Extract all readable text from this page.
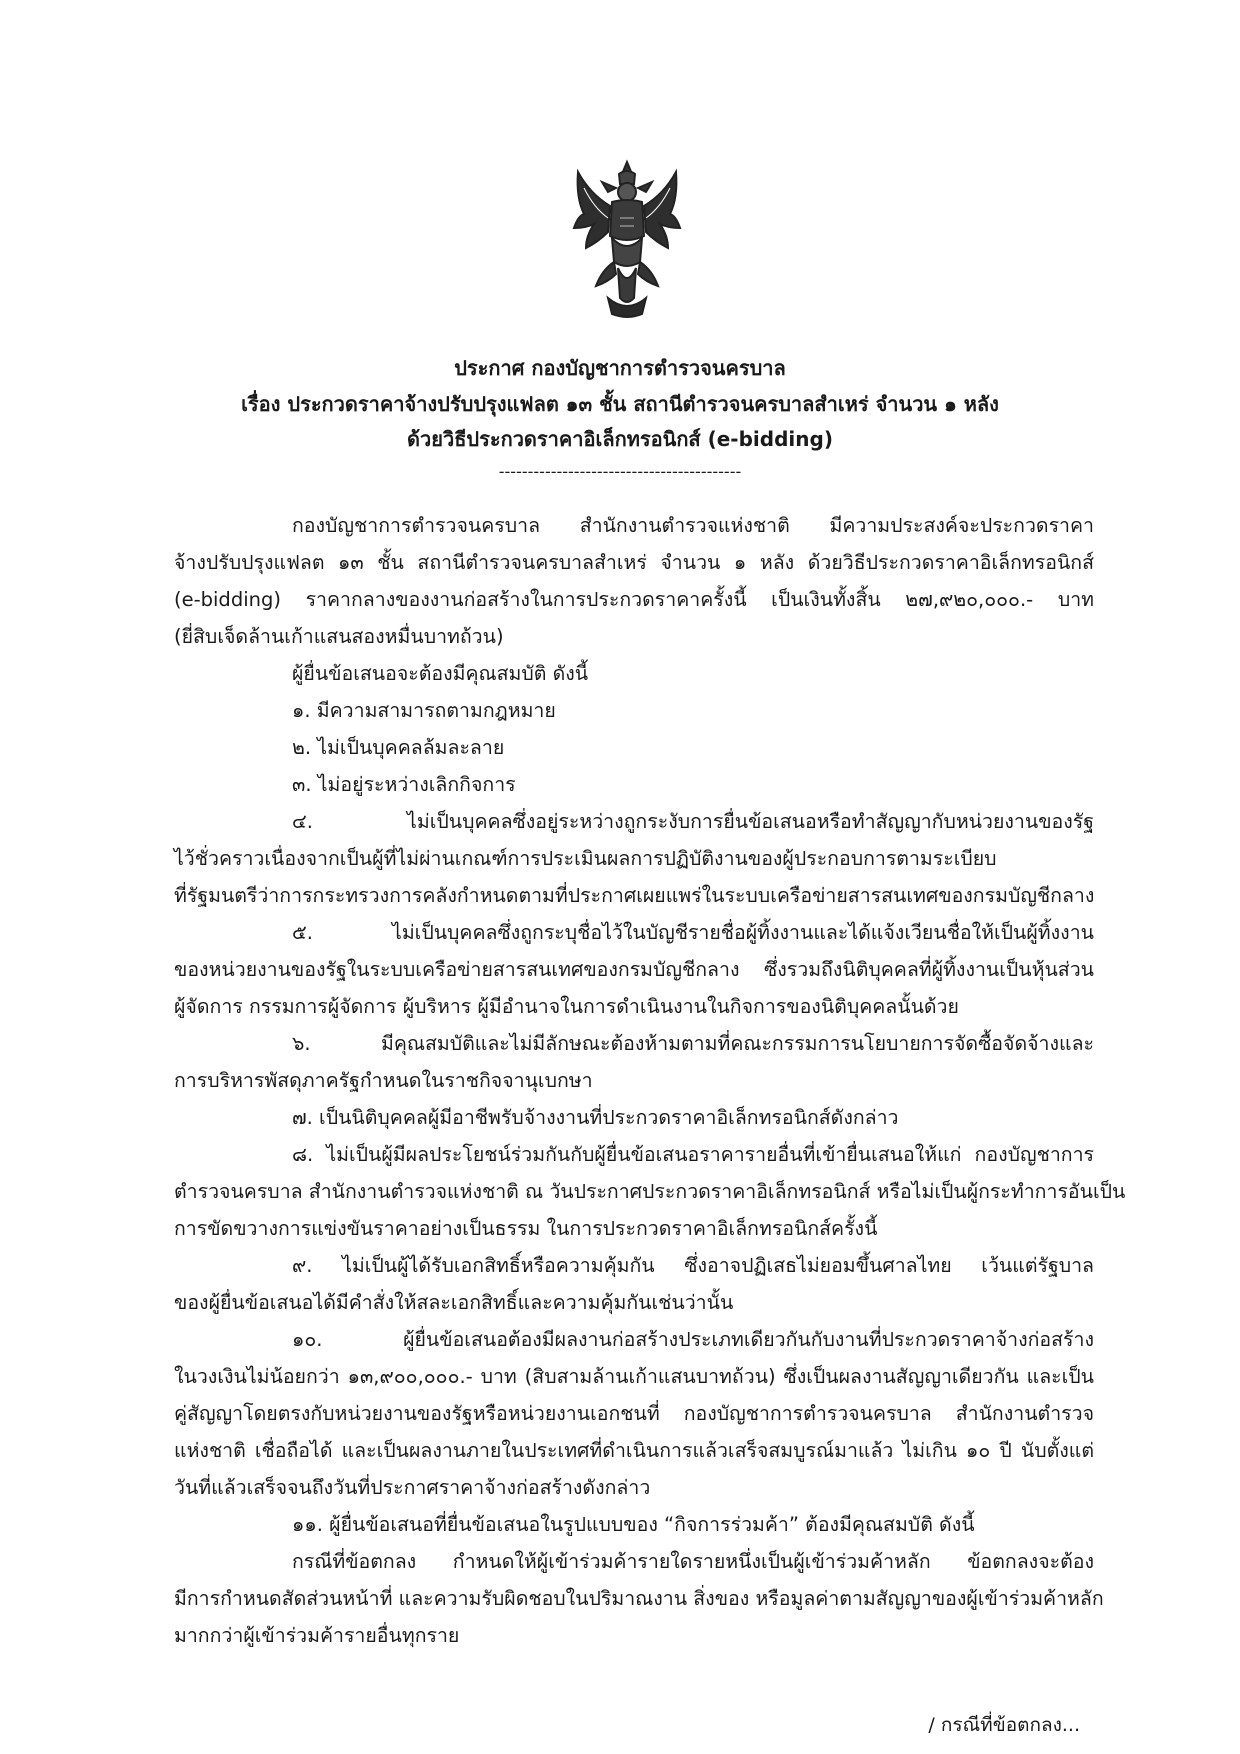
ประกาศ กองบัญชาการตำรวจนครบาล
เรื่อง ประกวดราคาจ้างปรับปรุงแฟลต ๑๓ ชั้น สถานีตำรวจนครบาลสำเหร่ จำนวน ๑ หลัง
ด้วยวิธีประกวดราคาอิเล็กทรอนิกส์ (e-bidding)
------------------------------------------
กองบัญชาการตำรวจนครบาล สำนักงานตำรวจแห่งชาติ มีความประสงค์จะประกวดราคา
จ้างปรับปรุงแฟลต ๑๓ ชั้น สถานีตำรวจนครบาลสำเหร่ จำนวน ๑ หลัง ด้วยวิธีประกวดราคาอิเล็กทรอนิกส์
(e-bidding) ราคากลางของงานก่อสร้างในการประกวดราคาครั้งนี้ เป็นเงินทั้งสิ้น ๒๗,๙๒๐,๐๐๐.- บาท
(ยี่สิบเจ็ดล้านเก้าแสนสองหมื่นบาทถ้วน)
ผู้ยื่นข้อเสนอจะต้องมีคุณสมบัติ ดังนี้
๑. มีความสามารถตามกฎหมาย
๒. ไม่เป็นบุคคลล้มละลาย
๓. ไม่อยู่ระหว่างเลิกกิจการ
๔. ไม่เป็นบุคคลซึ่งอยู่ระหว่างถูกระงับการยื่นข้อเสนอหรือทำสัญญากับหน่วยงานของรัฐ
ไว้ชั่วคราวเนื่องจากเป็นผู้ที่ไม่ผ่านเกณฑ์การประเมินผลการปฏิบัติงานของผู้ประกอบการตามระเบียบ
ที่รัฐมนตรีว่าการกระทรวงการคลังกำหนดตามที่ประกาศเผยแพร่ในระบบเครือข่ายสารสนเทศของกรมบัญชีกลาง
๕. ไม่เป็นบุคคลซึ่งถูกระบุชื่อไว้ในบัญชีรายชื่อผู้ทิ้งงานและได้แจ้งเวียนชื่อให้เป็นผู้ทิ้งงาน
ของหน่วยงานของรัฐในระบบเครือข่ายสารสนเทศของกรมบัญชีกลาง ซึ่งรวมถึงนิติบุคคลที่ผู้ทิ้งงานเป็นหุ้นส่วน
ผู้จัดการ กรรมการผู้จัดการ ผู้บริหาร ผู้มีอำนาจในการดำเนินงานในกิจการของนิติบุคคลนั้นด้วย
๖. มีคุณสมบัติและไม่มีลักษณะต้องห้ามตามที่คณะกรรมการนโยบายการจัดซื้อจัดจ้างและ
การบริหารพัสดุภาครัฐกำหนดในราชกิจจานุเบกษา
๗. เป็นนิติบุคคลผู้มีอาชีพรับจ้างงานที่ประกวดราคาอิเล็กทรอนิกส์ดังกล่าว
๘. ไม่เป็นผู้มีผลประโยชน์ร่วมกันกับผู้ยื่นข้อเสนอราคารายอื่นที่เข้ายื่นเสนอให้แก่ กองบัญชาการ
ตำรวจนครบาล สำนักงานตำรวจแห่งชาติ ณ วันประกาศประกวดราคาอิเล็กทรอนิกส์ หรือไม่เป็นผู้กระทำการอันเป็น
การขัดขวางการแข่งขันราคาอย่างเป็นธรรม ในการประกวดราคาอิเล็กทรอนิกส์ครั้งนี้
๙. ไม่เป็นผู้ได้รับเอกสิทธิ์หรือความคุ้มกัน ซึ่งอาจปฏิเสธไม่ยอมขึ้นศาลไทย เว้นแต่รัฐบาล
ของผู้ยื่นข้อเสนอได้มีคำสั่งให้สละเอกสิทธิ์และความคุ้มกันเช่นว่านั้น
๑๐. ผู้ยื่นข้อเสนอต้องมีผลงานก่อสร้างประเภทเดียวกันกับงานที่ประกวดราคาจ้างก่อสร้าง
ในวงเงินไม่น้อยกว่า ๑๓,๙๐๐,๐๐๐.- บาท (สิบสามล้านเก้าแสนบาทถ้วน) ซึ่งเป็นผลงานสัญญาเดียวกัน และเป็น
คู่สัญญาโดยตรงกับหน่วยงานของรัฐหรือหน่วยงานเอกชนที่ กองบัญชาการตำรวจนครบาล สำนักงานตำรวจ
แห่งชาติ เชื่อถือได้ และเป็นผลงานภายในประเทศที่ดำเนินการแล้วเสร็จสมบูรณ์มาแล้ว ไม่เกิน ๑๐ ปี นับตั้งแต่
วันที่แล้วเสร็จจนถึงวันที่ประกาศราคาจ้างก่อสร้างดังกล่าว
๑๑. ผู้ยื่นข้อเสนอที่ยื่นข้อเสนอในรูปแบบของ “กิจการร่วมค้า” ต้องมีคุณสมบัติ ดังนี้
กรณีที่ข้อตกลง กำหนดให้ผู้เข้าร่วมค้ารายใดรายหนึ่งเป็นผู้เข้าร่วมค้าหลัก ข้อตกลงจะต้อง
มีการกำหนดสัดส่วนหน้าที่ และความรับผิดชอบในปริมาณงาน สิ่งของ หรือมูลค่าตามสัญญาของผู้เข้าร่วมค้าหลัก
มากกว่าผู้เข้าร่วมค้ารายอื่นทุกราย
/ กรณีที่ข้อตกลง...
